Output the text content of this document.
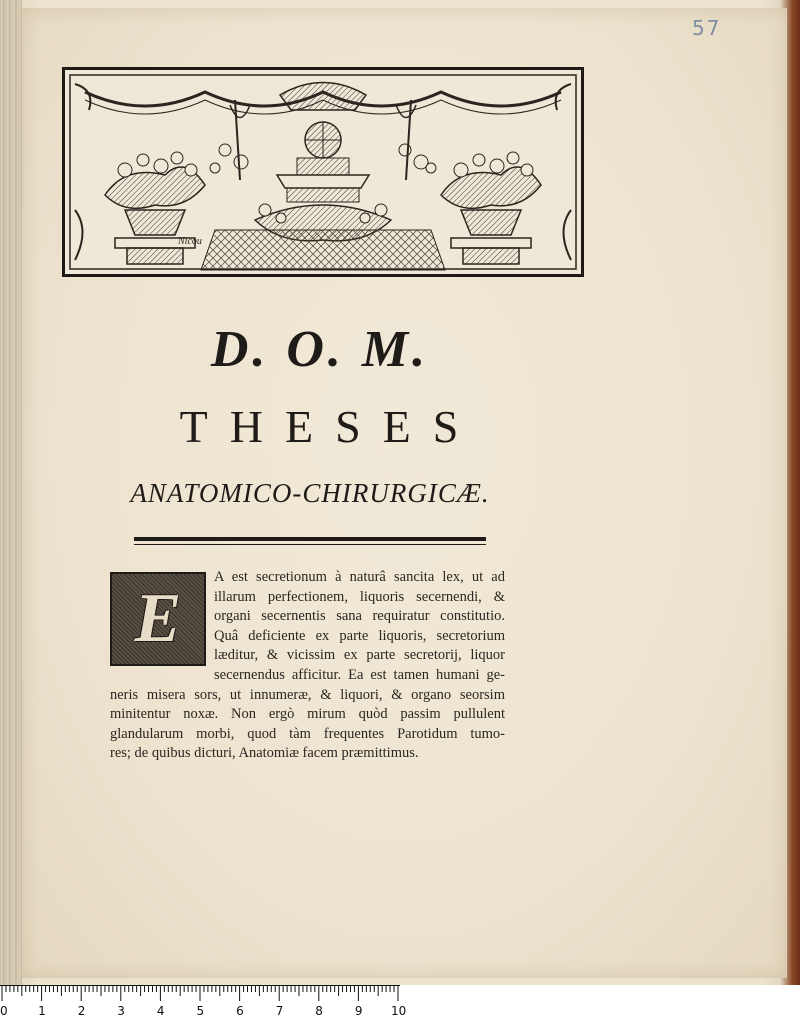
57
Nicou
D. O. M.
THESES
ANATOMICO-CHIRURGICÆ.
E
A est secretionum à naturâ sancita lex, ut ad
illarum perfectionem, liquoris secernendi, &
organi secernentis sana requiratur constitutio.
Quâ deficiente ex parte liquoris, secretorium
læditur, & vicissim ex parte secretorij, liquor
secernendus afficitur. Ea est tamen humani ge-
neris misera sors, ut innumeræ, & liquori, & organo seorsim
minitentur noxæ. Non ergò mirum quòd passim pullulent
glandularum morbi, quod tàm frequentes Parotidum tumo-
res; de quibus dicturi, Anatomiæ facem præmittimus.
0	1	2	3	4	5	6	7	8	9 10
